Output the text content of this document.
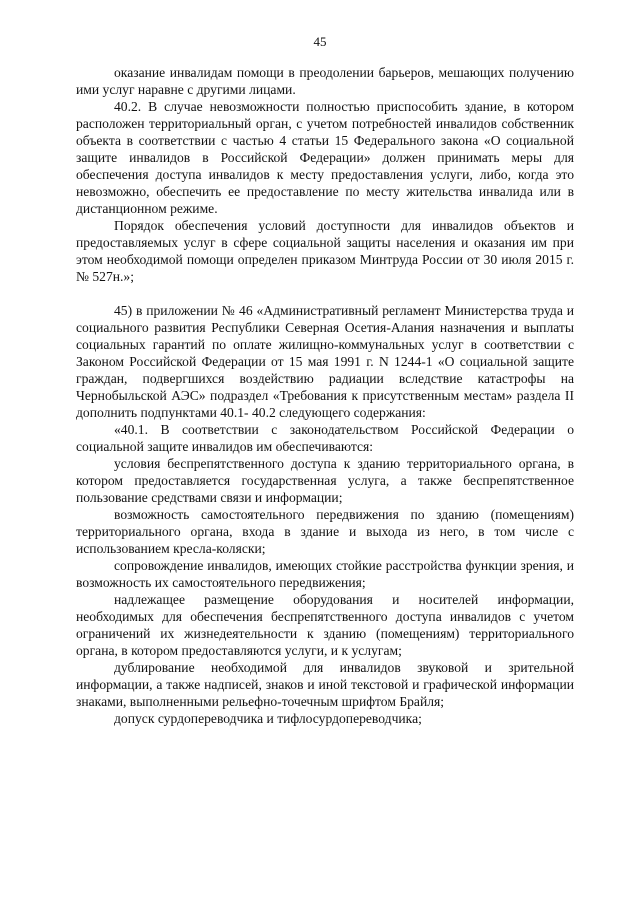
45

оказание инвалидам помощи в преодолении барьеров, мешающих получению ими услуг наравне с другими лицами.

40.2. В случае невозможности полностью приспособить здание, в котором расположен территориальный орган, с учетом потребностей инвалидов собственник объекта в соответствии с частью 4 статьи 15 Федерального закона «О социальной защите инвалидов в Российской Федерации» должен принимать меры для обеспечения доступа инвалидов к месту предоставления услуги, либо, когда это невозможно, обеспечить ее предоставление по месту жительства инвалида или в дистанционном режиме.

Порядок обеспечения условий доступности для инвалидов объектов и предоставляемых услуг в сфере социальной защиты населения и оказания им при этом необходимой помощи определен приказом Минтруда России от 30 июля 2015 г. № 527н.»;

45) в приложении № 46 «Административный регламент Министерства труда и социального развития Республики Северная Осетия-Алания назначения и выплаты социальных гарантий по оплате жилищно-коммунальных услуг в соответствии с Законом Российской Федерации от 15 мая 1991 г. N 1244-1 «О социальной защите граждан, подвергшихся воздействию радиации вследствие катастрофы на Чернобыльской АЭС» подраздел «Требования к присутственным местам» раздела II дополнить подпунктами 40.1- 40.2 следующего содержания:

«40.1. В соответствии с законодательством Российской Федерации о социальной защите инвалидов им обеспечиваются:

условия беспрепятственного доступа к зданию территориального органа, в котором предоставляется государственная услуга, а также беспрепятственное пользование средствами связи и информации;

возможность самостоятельного передвижения по зданию (помещениям) территориального органа, входа в здание и выхода из него, в том числе с использованием кресла-коляски;

сопровождение инвалидов, имеющих стойкие расстройства функции зрения, и возможность их самостоятельного передвижения;

надлежащее размещение оборудования и носителей информации, необходимых для обеспечения беспрепятственного доступа инвалидов с учетом ограничений их жизнедеятельности к зданию (помещениям) территориального органа, в котором предоставляются услуги, и к услугам;

дублирование необходимой для инвалидов звуковой и зрительной информации, а также надписей, знаков и иной текстовой и графической информации знаками, выполненными рельефно-точечным шрифтом Брайля;

допуск сурдопереводчика и тифлосурдопереводчика;
